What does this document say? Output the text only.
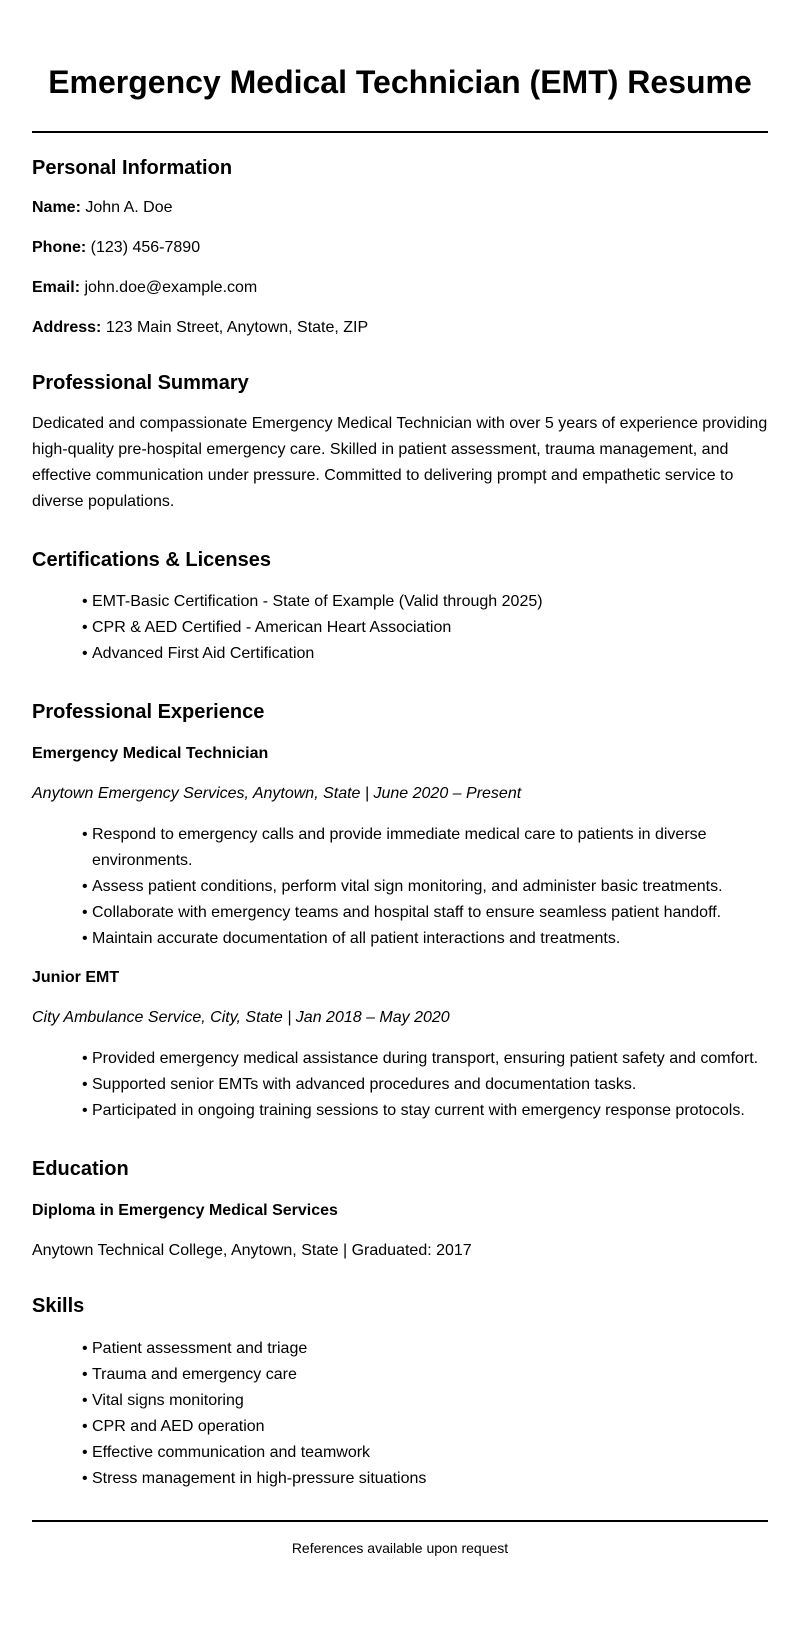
Emergency Medical Technician (EMT) Resume
Personal Information

Name: John A. Doe

Phone: (123) 456-7890

Email: john.doe@example.com

Address: 123 Main Street, Anytown, State, ZIP

Professional Summary

Dedicated and compassionate Emergency Medical Technician with over 5 years of experience providing high-quality pre-hospital emergency care. Skilled in patient assessment, trauma management, and effective communication under pressure. Committed to delivering prompt and empathetic service to diverse populations.

Certifications & Licenses
• EMT-Basic Certification - State of Example (Valid through 2025)
• CPR & AED Certified - American Heart Association
• Advanced First Aid Certification
Professional Experience
Emergency Medical Technician

Anytown Emergency Services, Anytown, State | June 2020 – Present

• Respond to emergency calls and provide immediate medical care to patients in diverse environments.
• Assess patient conditions, perform vital sign monitoring, and administer basic treatments.
• Collaborate with emergency teams and hospital staff to ensure seamless patient handoff.
• Maintain accurate documentation of all patient interactions and treatments.
Junior EMT

City Ambulance Service, City, State | Jan 2018 – May 2020

• Provided emergency medical assistance during transport, ensuring patient safety and comfort.
• Supported senior EMTs with advanced procedures and documentation tasks.
• Participated in ongoing training sessions to stay current with emergency response protocols.
Education
Diploma in Emergency Medical Services

Anytown Technical College, Anytown, State | Graduated: 2017

Skills
• Patient assessment and triage
• Trauma and emergency care
• Vital signs monitoring
• CPR and AED operation
• Effective communication and teamwork
• Stress management in high-pressure situations

References available upon request
